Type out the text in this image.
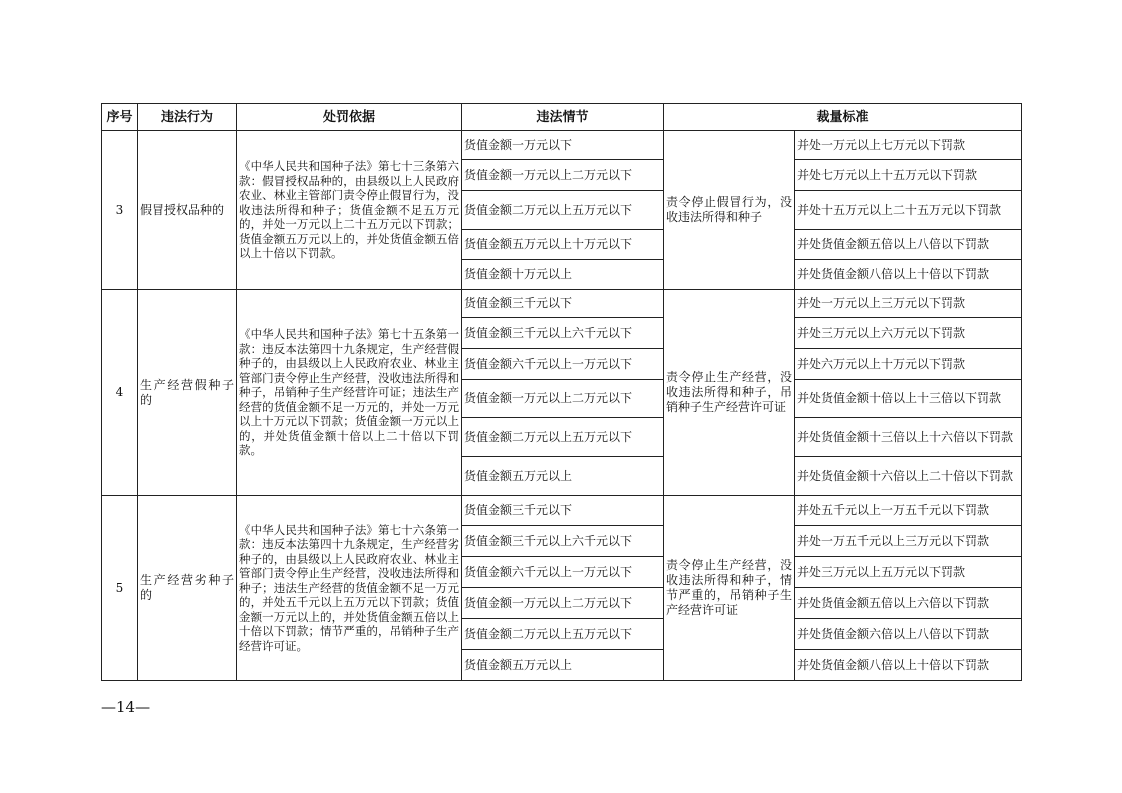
序号	违法行为	处罚依据	违法情节	裁量标准	
3	假冒授权品种的	《中华人民共和国种子法》第七十三条第六款：假冒授权品种的，由县级以上人民政府农业、林业主管部门责令停止假冒行为，没收违法所得和种子；货值金额不足五万元的，并处一万元以上二十五万元以下罚款；货值金额五万元以上的，并处货值金额五倍以上十倍以下罚款。	货值金额一万元以下	责令停止假冒行为，没收违法所得和种子	并处一万元以上七万元以下罚款
			货值金额一万元以上二万元以下		并处七万元以上十五万元以下罚款
			货值金额二万元以上五万元以下		并处十五万元以上二十五万元以下罚款
			货值金额五万元以上十万元以下		并处货值金额五倍以上八倍以下罚款
			货值金额十万元以上		并处货值金额八倍以上十倍以下罚款
4	生产经营假种子的	《中华人民共和国种子法》第七十五条第一款：违反本法第四十九条规定，生产经营假种子的，由县级以上人民政府农业、林业主管部门责令停止生产经营，没收违法所得和种子，吊销种子生产经营许可证；违法生产经营的货值金额不足一万元的，并处一万元以上十万元以下罚款；货值金额一万元以上的，并处货值金额十倍以上二十倍以下罚款。	货值金额三千元以下	责令停止生产经营，没收违法所得和种子，吊销种子生产经营许可证	并处一万元以上三万元以下罚款
			货值金额三千元以上六千元以下		并处三万元以上六万元以下罚款
			货值金额六千元以上一万元以下		并处六万元以上十万元以下罚款
			货值金额一万元以上二万元以下		并处货值金额十倍以上十三倍以下罚款
			货值金额二万元以上五万元以下		并处货值金额十三倍以上十六倍以下罚款
			货值金额五万元以上		并处货值金额十六倍以上二十倍以下罚款
5	生产经营劣种子的	《中华人民共和国种子法》第七十六条第一款：违反本法第四十九条规定，生产经营劣种子的，由县级以上人民政府农业、林业主管部门责令停止生产经营，没收违法所得和种子；违法生产经营的货值金额不足一万元的，并处五千元以上五万元以下罚款；货值金额一万元以上的，并处货值金额五倍以上十倍以下罚款；情节严重的，吊销种子生产经营许可证。	货值金额三千元以下	责令停止生产经营，没收违法所得和种子，情节严重的，吊销种子生产经营许可证	并处五千元以上一万五千元以下罚款
			货值金额三千元以上六千元以下		并处一万五千元以上三万元以下罚款
			货值金额六千元以上一万元以下		并处三万元以上五万元以下罚款
			货值金额一万元以上二万元以下		并处货值金额五倍以上六倍以下罚款
			货值金额二万元以上五万元以下		并处货值金额六倍以上八倍以下罚款
			货值金额五万元以上		并处货值金额八倍以上十倍以下罚款
—14—
